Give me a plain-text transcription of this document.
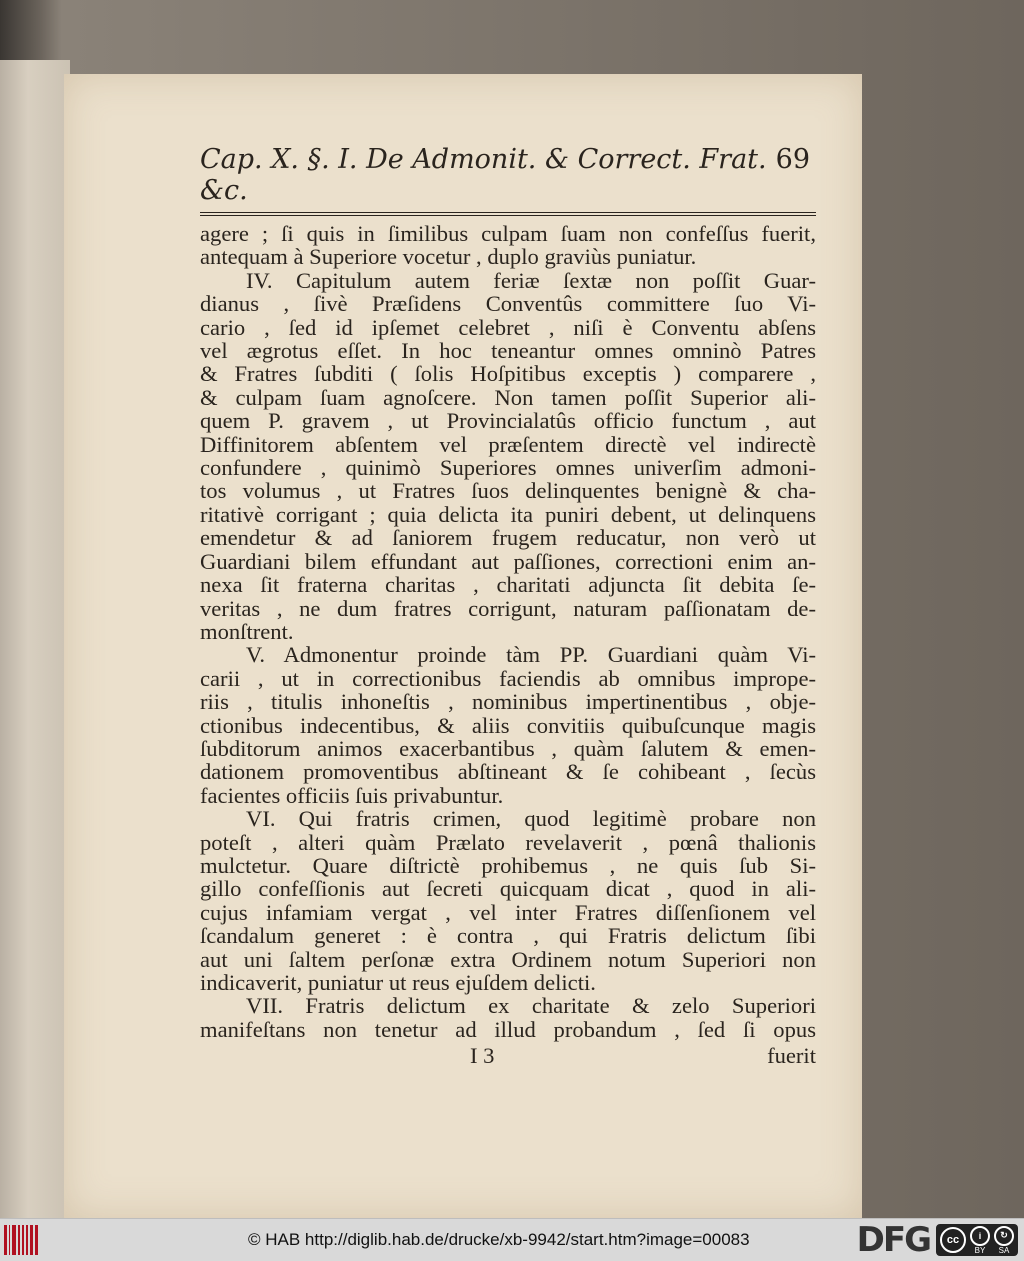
Cap. X. §. I. De Admonit. & Correct. Frat. &c.
69
agere ; ſi quis in ſimilibus culpam ſuam non confeſſus fuerit,
antequam à Superiore vocetur , duplo graviùs puniatur.
IV. Capitulum autem feriæ ſextæ non poſſit Guar-
dianus , ſivè Præſidens Conventûs committere ſuo Vi-
cario , ſed id ipſemet celebret , niſi è Conventu abſens
vel ægrotus eſſet. In hoc teneantur omnes omninò Patres
& Fratres ſubditi ( ſolis Hoſpitibus exceptis ) comparere ,
& culpam ſuam agnoſcere. Non tamen poſſit Superior ali-
quem P. gravem , ut Provincialatûs officio functum , aut
Diffinitorem abſentem vel præſentem directè vel indirectè
confundere , quinimò Superiores omnes univerſim admoni-
tos volumus , ut Fratres ſuos delinquentes benignè & cha-
ritativè corrigant ; quia delicta ita puniri debent, ut delinquens
emendetur & ad ſaniorem frugem reducatur, non verò ut
Guardiani bilem effundant aut paſſiones, correctioni enim an-
nexa ſit fraterna charitas , charitati adjuncta ſit debita ſe-
veritas , ne dum fratres corrigunt, naturam paſſionatam de-
monſtrent.
V. Admonentur proinde tàm PP. Guardiani quàm Vi-
carii , ut in correctionibus faciendis ab omnibus imprope-
riis , titulis inhoneſtis , nominibus impertinentibus , obje-
ctionibus indecentibus, & aliis convitiis quibuſcunque magis
ſubditorum animos exacerbantibus , quàm ſalutem & emen-
dationem promoventibus abſtineant & ſe cohibeant , ſecùs
facientes officiis ſuis privabuntur.
VI. Qui fratris crimen, quod legitimè probare non
poteſt , alteri quàm Prælato revelaverit , pœnâ thalionis
mulctetur. Quare diſtrictè prohibemus , ne quis ſub Si-
gillo confeſſionis aut ſecreti quicquam dicat , quod in ali-
cujus infamiam vergat , vel inter Fratres diſſenſionem vel
ſcandalum generet : è contra , qui Fratris delictum ſibi
aut uni ſaltem perſonæ extra Ordinem notum Superiori non
indicaverit, puniatur ut reus ejuſdem delicti.
VII. Fratris delictum ex charitate & zelo Superiori
manifeſtans non tenetur ad illud probandum , ſed ſi opus
I 3	fuerit
© HAB http://diglib.hab.de/drucke/xb-9942/start.htm?image=00083	DFG	cc	i
BY
↻
SA
